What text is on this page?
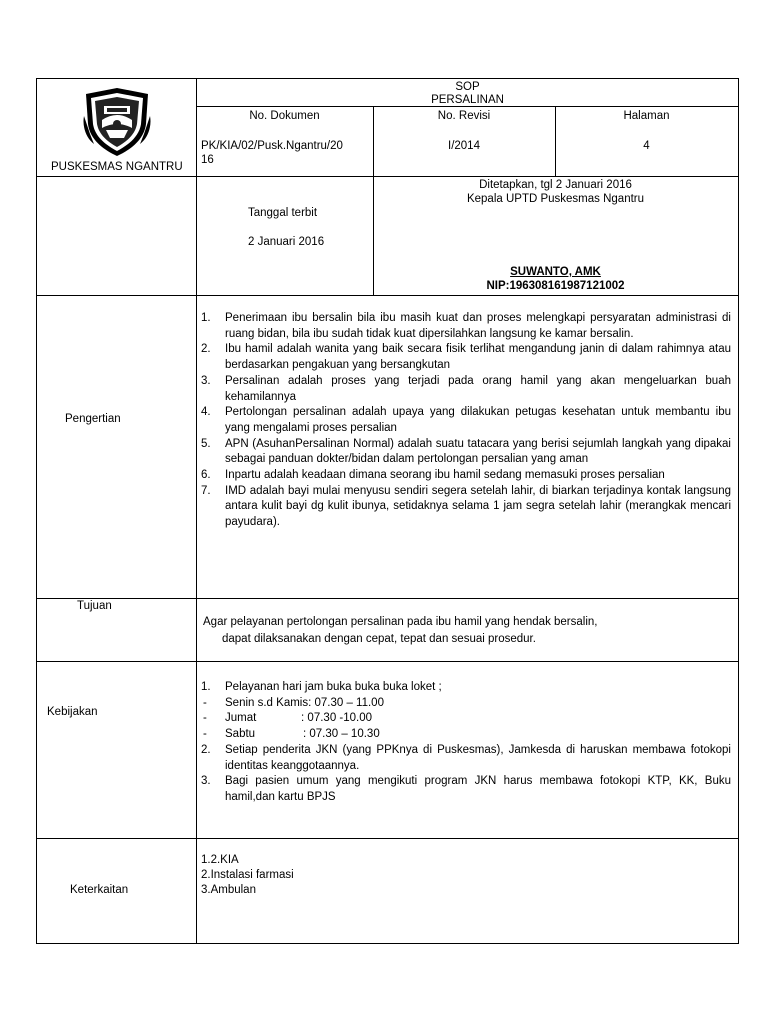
PUSKESMAS NGANTRU
SOP
PERSALINAN
No. Dokumen
PK/KIA/02/Pusk.Ngantru/20
16
No. Revisi
I/2014
Halaman
4
Tanggal terbit
2 Januari 2016
Ditetapkan, tgl 2 Januari 2016
Kepala UPTD Puskesmas Ngantru
SUWANTO, AMK
NIP:196308161987121002
Pengertian
1. Penerimaan ibu bersalin bila ibu masih kuat dan proses melengkapi persyaratan administrasi di ruang bidan, bila ibu sudah tidak kuat dipersilahkan langsung ke kamar bersalin.
2. Ibu hamil adalah wanita yang baik secara fisik terlihat mengandung janin di dalam rahimnya atau berdasarkan pengakuan yang bersangkutan
3. Persalinan adalah proses yang terjadi pada orang hamil yang akan mengeluarkan buah kehamilannya
4. Pertolongan persalinan adalah upaya yang dilakukan petugas kesehatan untuk membantu ibu yang mengalami proses persalian
5. APN (AsuhanPersalinan Normal) adalah suatu tatacara yang berisi sejumlah langkah yang dipakai sebagai panduan dokter/bidan dalam pertolongan persalian yang aman
6. Inpartu adalah keadaan dimana seorang ibu hamil sedang memasuki proses persalian
7. IMD adalah bayi mulai menyusu sendiri segera setelah lahir, di biarkan terjadinya kontak langsung antara kulit bayi dg kulit ibunya, setidaknya selama 1 jam segra setelah lahir (merangkak mencari payudara).
Tujuan
Agar pelayanan pertolongan persalinan pada ibu hamil yang hendak bersalin,
dapat dilaksanakan dengan cepat, tepat dan sesuai prosedur.
Kebijakan
1. Pelayanan hari jam buka buka buka loket ;
- Senin s.d Kamis: 07.30 – 11.00
- Jumat              : 07.30 -10.00
- Sabtu               : 07.30 – 10.30
2. Setiap penderita JKN (yang PPKnya di Puskesmas), Jamkesda di haruskan membawa fotokopi identitas keanggotaannya.
3. Bagi pasien umum yang mengikuti program JKN harus membawa fotokopi KTP, KK, Buku hamil,dan kartu BPJS
Keterkaitan
1.2.KIA
2.Instalasi farmasi
3.Ambulan
